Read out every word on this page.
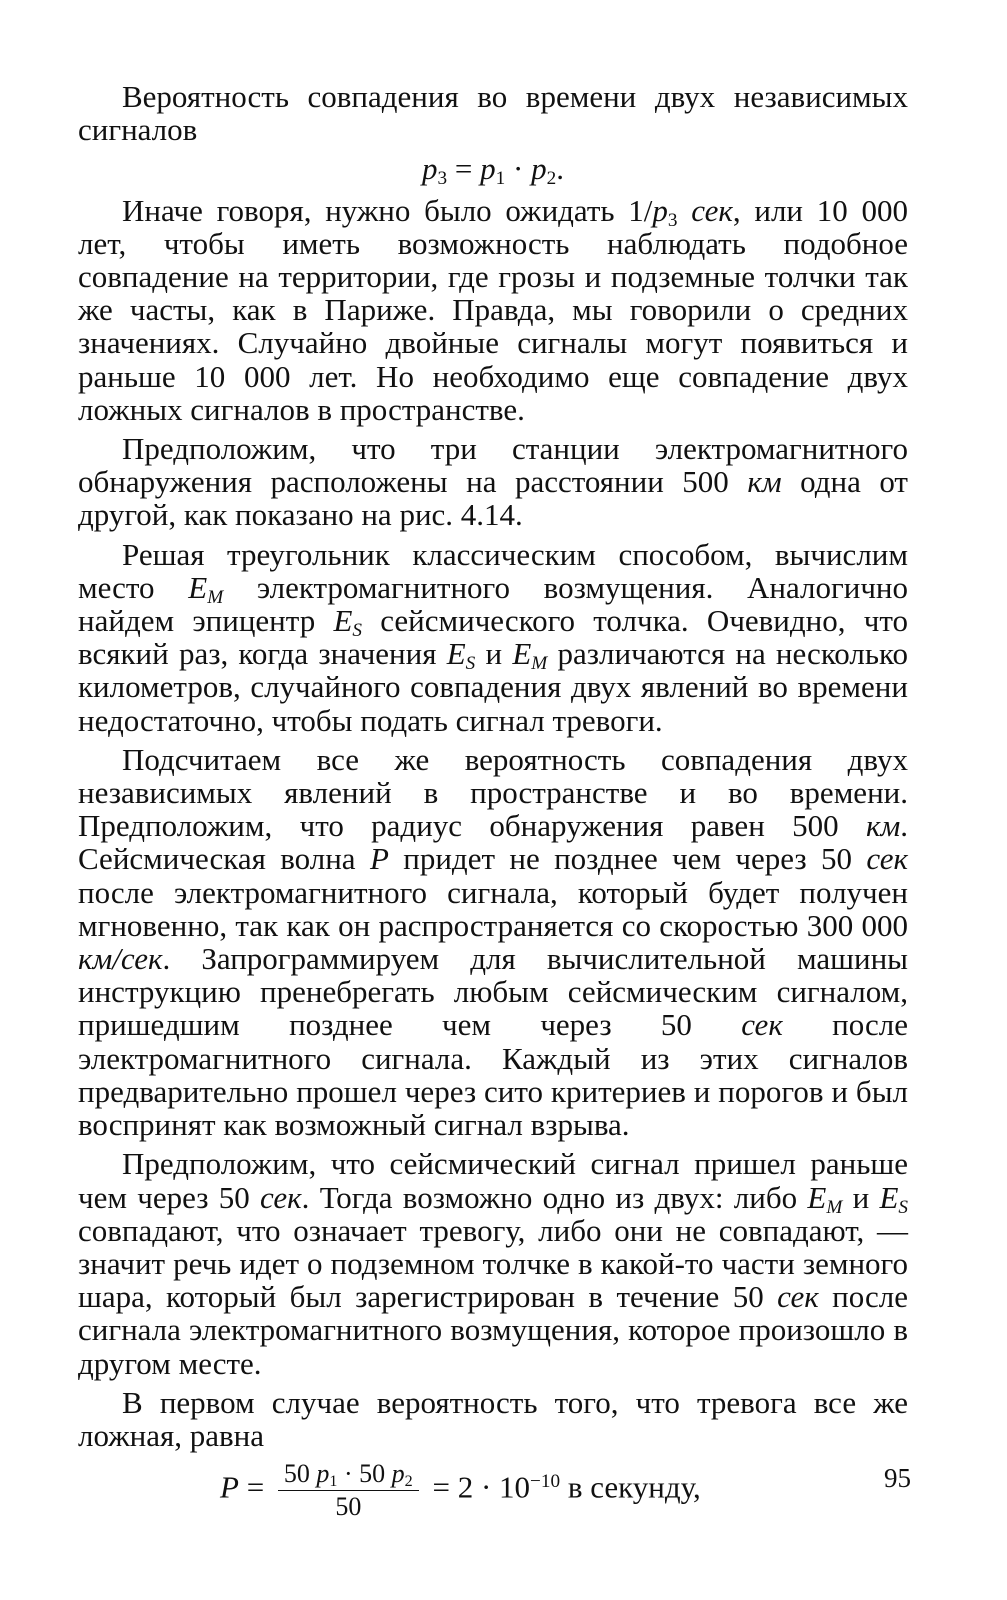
Вероятность совпадения во времени двух независимых сигналов

$p_3 = p_1 \cdot p_2$.

Иначе говоря, нужно было ожидать $1/p_3$ сек, или 10 000 лет, чтобы иметь возможность наблюдать подобное совпадение на территории, где грозы и подземные толчки так же часты, как в Париже. Правда, мы говорили о средних значениях. Случайно двойные сигналы могут появиться и раньше 10 000 лет. Но необходимо еще совпадение двух ложных сигналов в пространстве.

Предположим, что три станции электромагнитного обнаружения расположены на расстоянии 500 км одна от другой, как показано на рис. 4.14.

Решая треугольник классическим способом, вычислим место $E_M$ электромагнитного возмущения. Аналогично найдем эпицентр $E_S$ сейсмического толчка. Очевидно, что всякий раз, когда значения $E_S$ и $E_M$ различаются на несколько километров, случайного совпадения двух явлений во времени недостаточно, чтобы подать сигнал тревоги.

Подсчитаем все же вероятность совпадения двух независимых явлений в пространстве и во времени. Предположим, что радиус обнаружения равен 500 км. Сейсмическая волна P придет не позднее чем через 50 сек после электромагнитного сигнала, который будет получен мгновенно, так как он распространяется со скоростью 300 000 км/сек. Запрограммируем для вычислительной машины инструкцию пренебрегать любым сейсмическим сигналом, пришедшим позднее чем через 50 сек после электромагнитного сигнала. Каждый из этих сигналов предварительно прошел через сито критериев и порогов и был воспринят как возможный сигнал взрыва.

Предположим, что сейсмический сигнал пришел раньше чем через 50 сек. Тогда возможно одно из двух: либо $E_M$ и $E_S$ совпадают, что означает тревогу, либо они не совпадают, — значит речь идет о подземном толчке в какой-то части земного шара, который был зарегистрирован в течение 50 сек после сигнала электромагнитного возмущения, которое произошло в другом месте.

В первом случае вероятность того, что тревога все же ложная, равна

$P = \frac{50 p_1 \cdot 50 p_2}{50} = 2 \cdot 10^{-10}$ в секунду,	95
